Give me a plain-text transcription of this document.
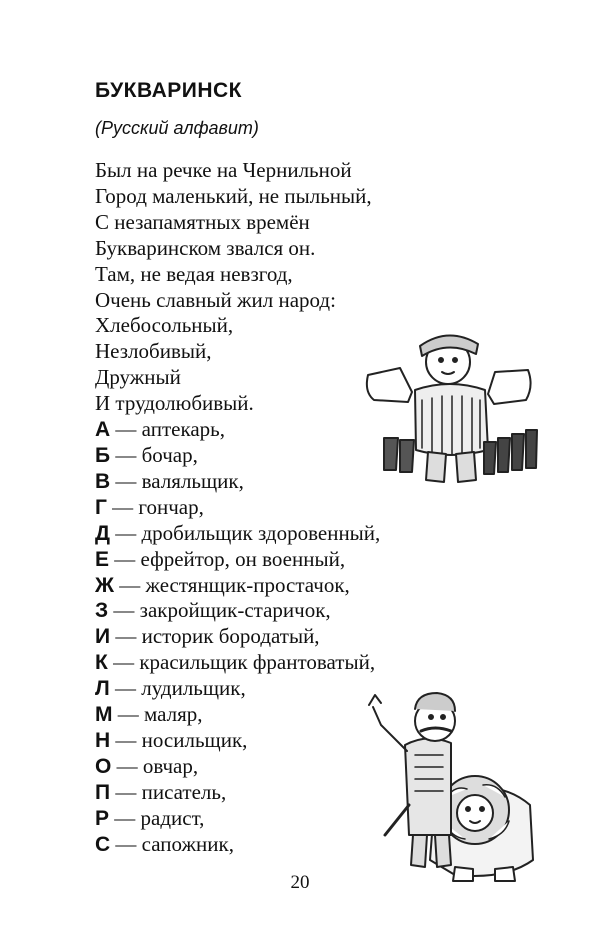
БУКВАРИНСК
(Русский алфавит)
Был на речке на Чернильной
Город маленький, не пыльный,
С незапамятных времён
Букваринском звался он.
Там, не ведая невзгод,
Очень славный жил народ:
Хлебосольный,
Незлобивый,
Дружный
И трудолюбивый.
А — аптекарь,
Б — бочар,
В — валяльщик,
Г — гончар,
Д — дробильщик здоровенный,
Е — ефрейтор, он военный,
Ж — жестянщик-простачок,
З — закройщик-старичок,
И — историк бородатый,
К — красильщик франтоватый,
Л — лудильщик,
М — маляр,
Н — носильщик,
О — овчар,
П — писатель,
Р — радист,
С — сапожник,
20
